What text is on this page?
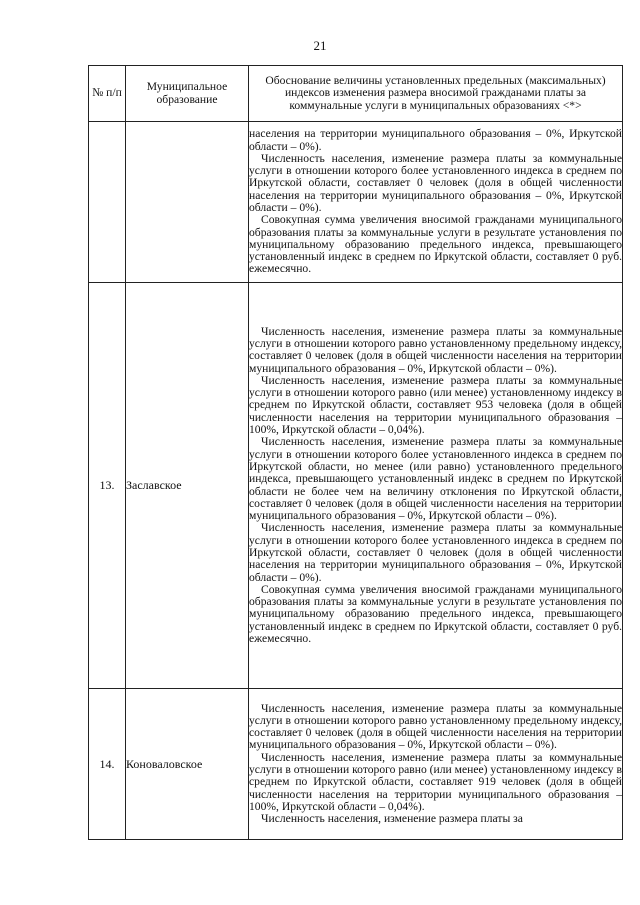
21
№ п/п	Муниципальное образование	Обоснование величины установленных предельных (максимальных) индексов изменения размера вносимой гражданами платы за коммунальные услуги в муниципальных образованиях <*>

		населения на территории муниципального образования – 0%, Иркутской области – 0%).

Численность населения, изменение размера платы за коммунальные услуги в отношении которого более установленного индекса в среднем по Иркутской области, составляет 0 человек (доля в общей численности населения на территории муниципального образования – 0%, Иркутской области – 0%).

Совокупная сумма увеличения вносимой гражданами муниципального образования платы за коммунальные услуги в результате установления по муниципальному образованию предельного индекса, превышающего установленный индекс в среднем по Иркутской области, составляет 0 руб. ежемесячно.

13.	Заславское	Численность населения, изменение размера платы за коммунальные услуги в отношении которого равно установленному предельному индексу, составляет 0 человек (доля в общей численности населения на территории муниципального образования – 0%, Иркутской области – 0%).

Численность населения, изменение размера платы за коммунальные услуги в отношении которого равно (или менее) установленному индексу в среднем по Иркутской области, составляет 953 человека (доля в общей численности населения на территории муниципального образования – 100%, Иркутской области – 0,04%).

Численность населения, изменение размера платы за коммунальные услуги в отношении которого более установленного индекса в среднем по Иркутской области, но менее (или равно) установленного предельного индекса, превышающего установленный индекс в среднем по Иркутской области не более чем на величину отклонения по Иркутской области, составляет 0 человек (доля в общей численности населения на территории муниципального образования – 0%, Иркутской области – 0%).

Численность населения, изменение размера платы за коммунальные услуги в отношении которого более установленного индекса в среднем по Иркутской области, составляет 0 человек (доля в общей численности населения на территории муниципального образования – 0%, Иркутской области – 0%).

Совокупная сумма увеличения вносимой гражданами муниципального образования платы за коммунальные услуги в результате установления по муниципальному образованию предельного индекса, превышающего установленный индекс в среднем по Иркутской области, составляет 0 руб. ежемесячно.

14.	Коноваловское	Численность населения, изменение размера платы за коммунальные услуги в отношении которого равно установленному предельному индексу, составляет 0 человек (доля в общей численности населения на территории муниципального образования – 0%, Иркутской области – 0%).

Численность населения, изменение размера платы за коммунальные услуги в отношении которого равно (или менее) установленному индексу в среднем по Иркутской области, составляет 919 человек (доля в общей численности населения на территории муниципального образования – 100%, Иркутской области – 0,04%).

Численность населения, изменение размера платы за
